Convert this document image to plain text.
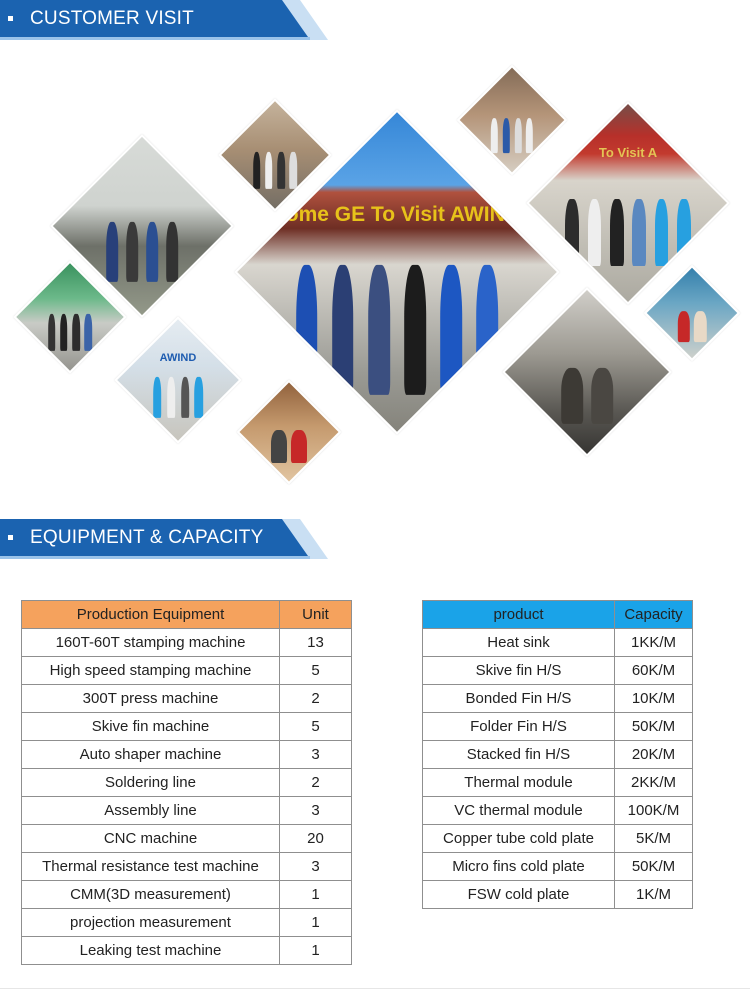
CUSTOMER VISIT
come GE To Visit AWIND
To Visit A
AWIND
EQUIPMENT & CAPACITY
Production Equipment	Unit
160T-60T stamping machine	13
High speed stamping machine	5
300T press machine	2
Skive fin machine	5
Auto shaper machine	3
Soldering line	2
Assembly line	3
CNC machine	20
Thermal resistance test machine	3
CMM(3D measurement)	1
projection measurement	1
Leaking test machine	1
product	Capacity
Heat sink	1KK/M
Skive fin H/S	60K/M
Bonded Fin H/S	10K/M
Folder Fin H/S	50K/M
Stacked fin H/S	20K/M
Thermal module	2KK/M
VC thermal module	100K/M
Copper tube cold plate	5K/M
Micro fins cold plate	50K/M
FSW cold plate	1K/M
